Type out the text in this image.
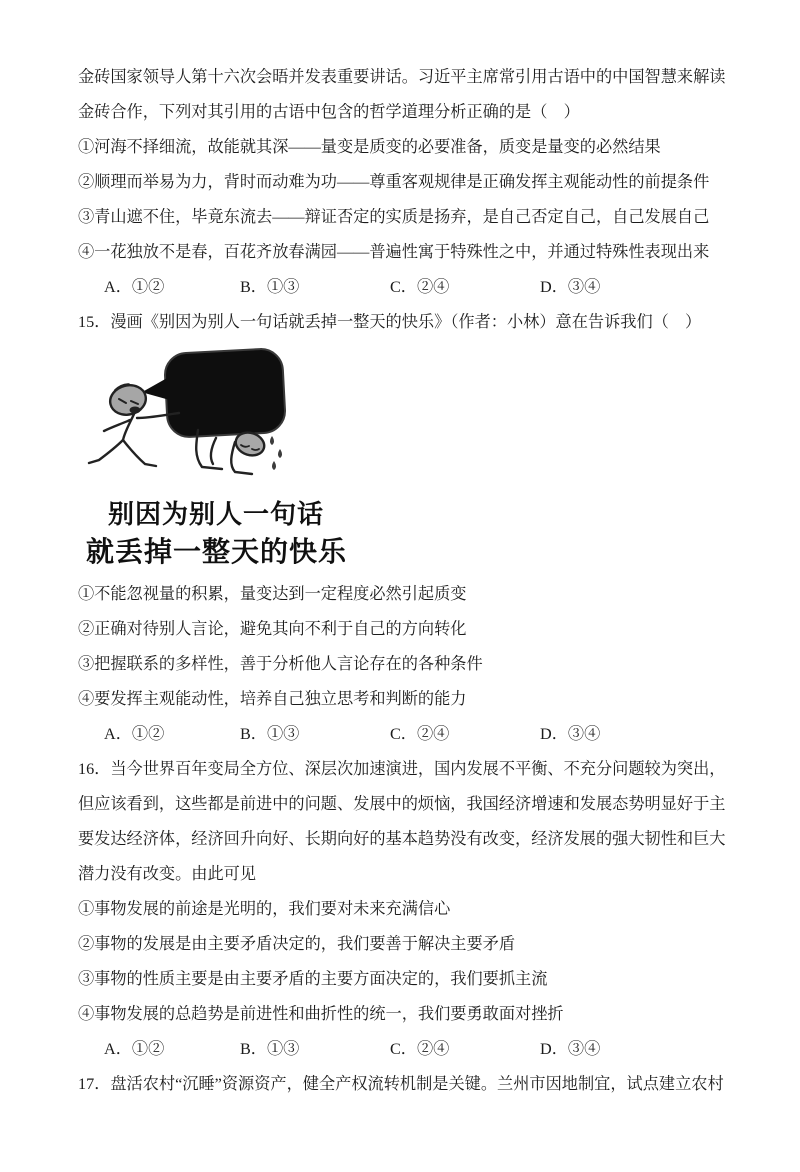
金砖国家领导人第十六次会晤并发表重要讲话。习近平主席常引用古语中的中国智慧来解读
金砖合作，下列对其引用的古语中包含的哲学道理分析正确的是（　）
①河海不择细流，故能就其深——量变是质变的必要准备，质变是量变的必然结果
②顺理而举易为力，背时而动难为功——尊重客观规律是正确发挥主观能动性的前提条件
③青山遮不住，毕竟东流去——辩证否定的实质是扬弃，是自己否定自己，自己发展自己
④一花独放不是春，百花齐放春满园——普遍性寓于特殊性之中，并通过特殊性表现出来
A．①②	B．①③	C．②④	D．③④
15．漫画《别因为别人一句话就丢掉一整天的快乐》（作者：小林）意在告诉我们（　）
别因为别人一句话
就丢掉一整天的快乐
①不能忽视量的积累，量变达到一定程度必然引起质变
②正确对待别人言论，避免其向不利于自己的方向转化
③把握联系的多样性，善于分析他人言论存在的各种条件
④要发挥主观能动性，培养自己独立思考和判断的能力
A．①②	B．①③	C．②④	D．③④
16．当今世界百年变局全方位、深层次加速演进，国内发展不平衡、不充分问题较为突出，
但应该看到，这些都是前进中的问题、发展中的烦恼，我国经济增速和发展态势明显好于主
要发达经济体，经济回升向好、长期向好的基本趋势没有改变，经济发展的强大韧性和巨大
潜力没有改变。由此可见
①事物发展的前途是光明的，我们要对未来充满信心
②事物的发展是由主要矛盾决定的，我们要善于解决主要矛盾
③事物的性质主要是由主要矛盾的主要方面决定的，我们要抓主流
④事物发展的总趋势是前进性和曲折性的统一，我们要勇敢面对挫折
A．①②	B．①③	C．②④	D．③④
17．盘活农村“沉睡”资源资产，健全产权流转机制是关键。兰州市因地制宜，试点建立农村
